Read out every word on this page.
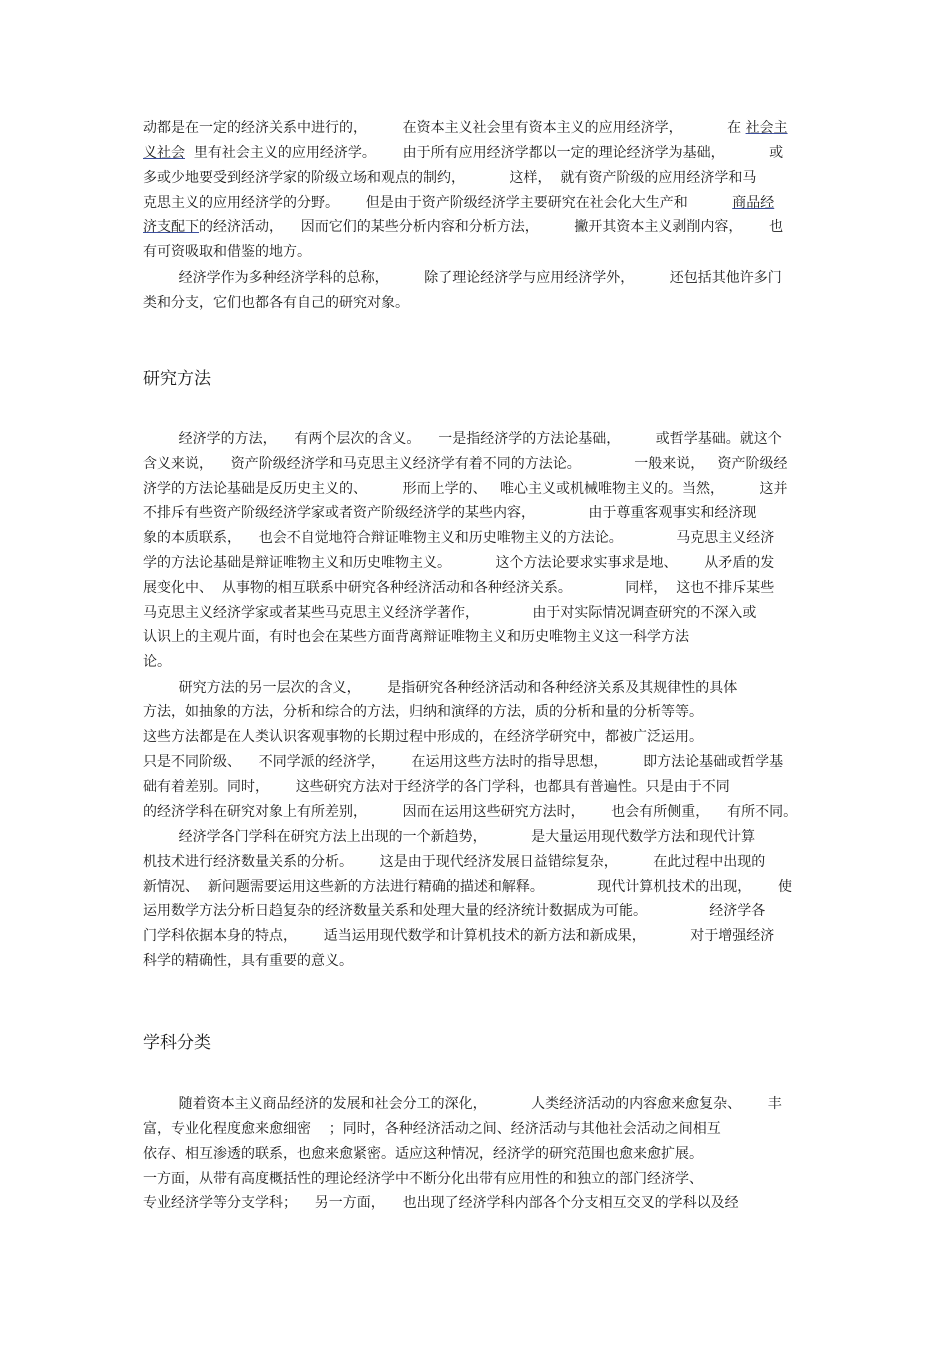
动都是在一定的经济关系中进行的，        在资本主义社会里有资本主义的应用经济学，          在 社会主
义社会  里有社会主义的应用经济学。      由于所有应用经济学都以一定的理论经济学为基础，          或
多或少地要受到经济学家的阶级立场和观点的制约，          这样，  就有资产阶级的应用经济学和马
克思主义的应用经济学的分野。      但是由于资产阶级经济学主要研究在社会化大生产和          商品经
济支配下的经济活动，    因而它们的某些分析内容和分析方法，        撇开其资本主义剥削内容，      也
有可资吸取和借鉴的地方。
经济学作为多种经济学科的总称，        除了理论经济学与应用经济学外，        还包括其他许多门
类和分支，它们也都各有自己的研究对象。
研究方法
经济学的方法，    有两个层次的含义。    一是指经济学的方法论基础，        或哲学基础。就这个
含义来说，    资产阶级经济学和马克思主义经济学有着不同的方法论。            一般来说，   资产阶级经
济学的方法论基础是反历史主义的、        形而上学的、   唯心主义或机械唯物主义的。当然，        这并
不排斥有些资产阶级经济学家或者资产阶级经济学的某些内容，            由于尊重客观事实和经济现
象的本质联系，    也会不自觉地符合辩证唯物主义和历史唯物主义的方法论。            马克思主义经济
学的方法论基础是辩证唯物主义和历史唯物主义。          这个方法论要求实事求是地、      从矛盾的发
展变化中、  从事物的相互联系中研究各种经济活动和各种经济关系。            同样，  这也不排斥某些
马克思主义经济学家或者某些马克思主义经济学著作，            由于对实际情况调查研究的不深入或
认识上的主观片面，有时也会在某些方面背离辩证唯物主义和历史唯物主义这一科学方法
论。
研究方法的另一层次的含义，      是指研究各种经济活动和各种经济关系及其规律性的具体
方法，如抽象的方法，分析和综合的方法，归纳和演绎的方法，质的分析和量的分析等等。
这些方法都是在人类认识客观事物的长期过程中形成的，在经济学研究中，都被广泛运用。
只是不同阶级、    不同学派的经济学，      在运用这些方法时的指导思想，        即方法论基础或哲学基
础有着差别。同时，      这些研究方法对于经济学的各门学科，也都具有普遍性。只是由于不同
的经济学科在研究对象上有所差别，        因而在运用这些研究方法时，      也会有所侧重，    有所不同。
经济学各门学科在研究方法上出现的一个新趋势，          是大量运用现代数学方法和现代计算
机技术进行经济数量关系的分析。      这是由于现代经济发展日益错综复杂，        在此过程中出现的
新情况、  新问题需要运用这些新的方法进行精确的描述和解释。            现代计算机技术的出现，      使
运用数学方法分析日趋复杂的经济数量关系和处理大量的经济统计数据成为可能。              经济学各
门学科依据本身的特点，      适当运用现代数学和计算机技术的新方法和新成果，          对于增强经济
科学的精确性，具有重要的意义。
学科分类
随着资本主义商品经济的发展和社会分工的深化，          人类经济活动的内容愈来愈复杂、      丰
富，专业化程度愈来愈细密    ；同时，各种经济活动之间、经济活动与其他社会活动之间相互
依存、相互渗透的联系，也愈来愈紧密。适应这种情况，经济学的研究范围也愈来愈扩展。
一方面，从带有高度概括性的理论经济学中不断分化出带有应用性的和独立的部门经济学、
专业经济学等分支学科；    另一方面，    也出现了经济学科内部各个分支相互交叉的学科以及经
